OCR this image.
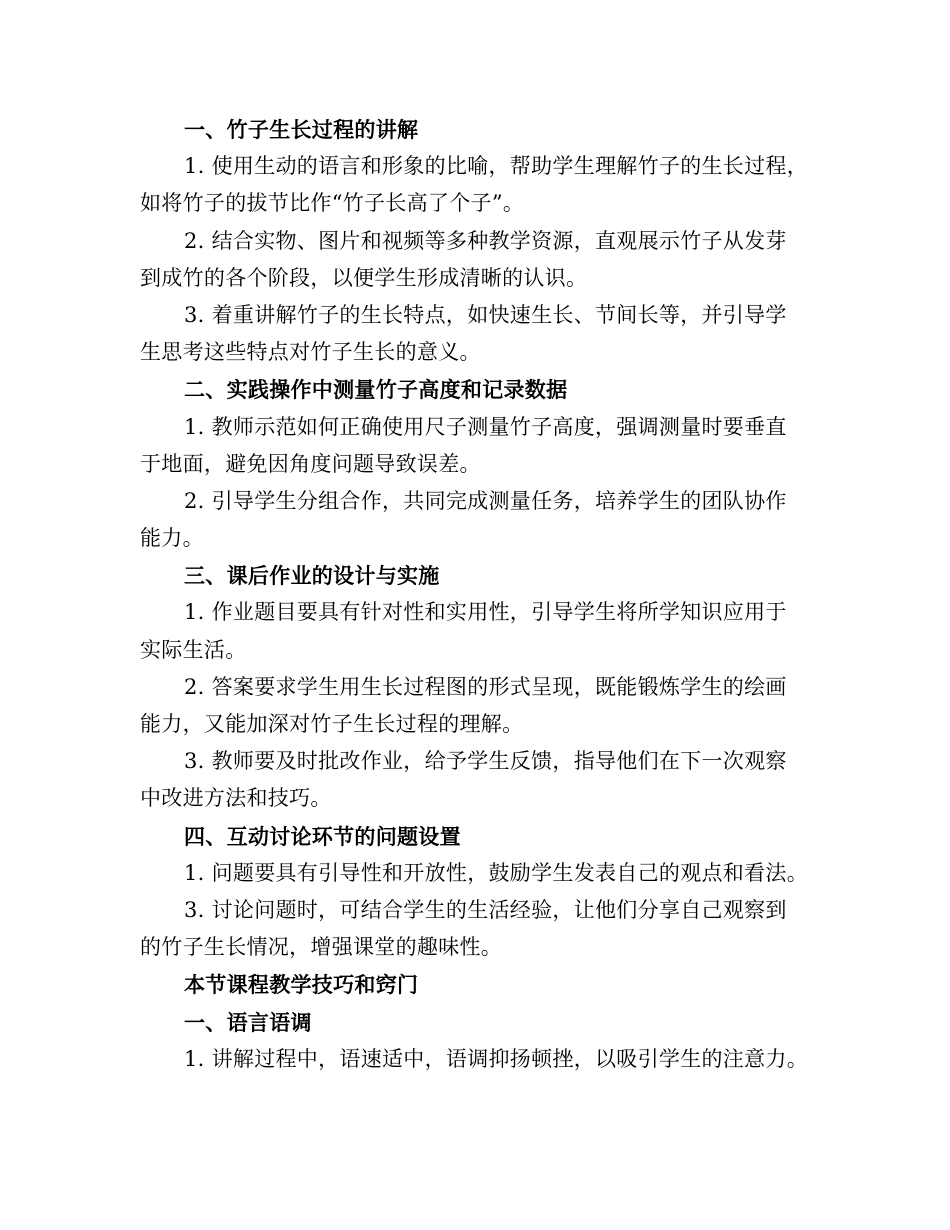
一、竹子生长过程的讲解
1. 使用生动的语言和形象的比喻，帮助学生理解竹子的生长过程，
如将竹子的拔节比作“竹子长高了个子”。
2. 结合实物、图片和视频等多种教学资源，直观展示竹子从发芽
到成竹的各个阶段，以便学生形成清晰的认识。
3. 着重讲解竹子的生长特点，如快速生长、节间长等，并引导学
生思考这些特点对竹子生长的意义。
二、实践操作中测量竹子高度和记录数据
1. 教师示范如何正确使用尺子测量竹子高度，强调测量时要垂直
于地面，避免因角度问题导致误差。
2. 引导学生分组合作，共同完成测量任务，培养学生的团队协作
能力。
三、课后作业的设计与实施
1. 作业题目要具有针对性和实用性，引导学生将所学知识应用于
实际生活。
2. 答案要求学生用生长过程图的形式呈现，既能锻炼学生的绘画
能力，又能加深对竹子生长过程的理解。
3. 教师要及时批改作业，给予学生反馈，指导他们在下一次观察
中改进方法和技巧。
四、互动讨论环节的问题设置
1. 问题要具有引导性和开放性，鼓励学生发表自己的观点和看法。
3. 讨论问题时，可结合学生的生活经验，让他们分享自己观察到
的竹子生长情况，增强课堂的趣味性。
本节课程教学技巧和窍门
一、语言语调
1. 讲解过程中，语速适中，语调抑扬顿挫，以吸引学生的注意力。
